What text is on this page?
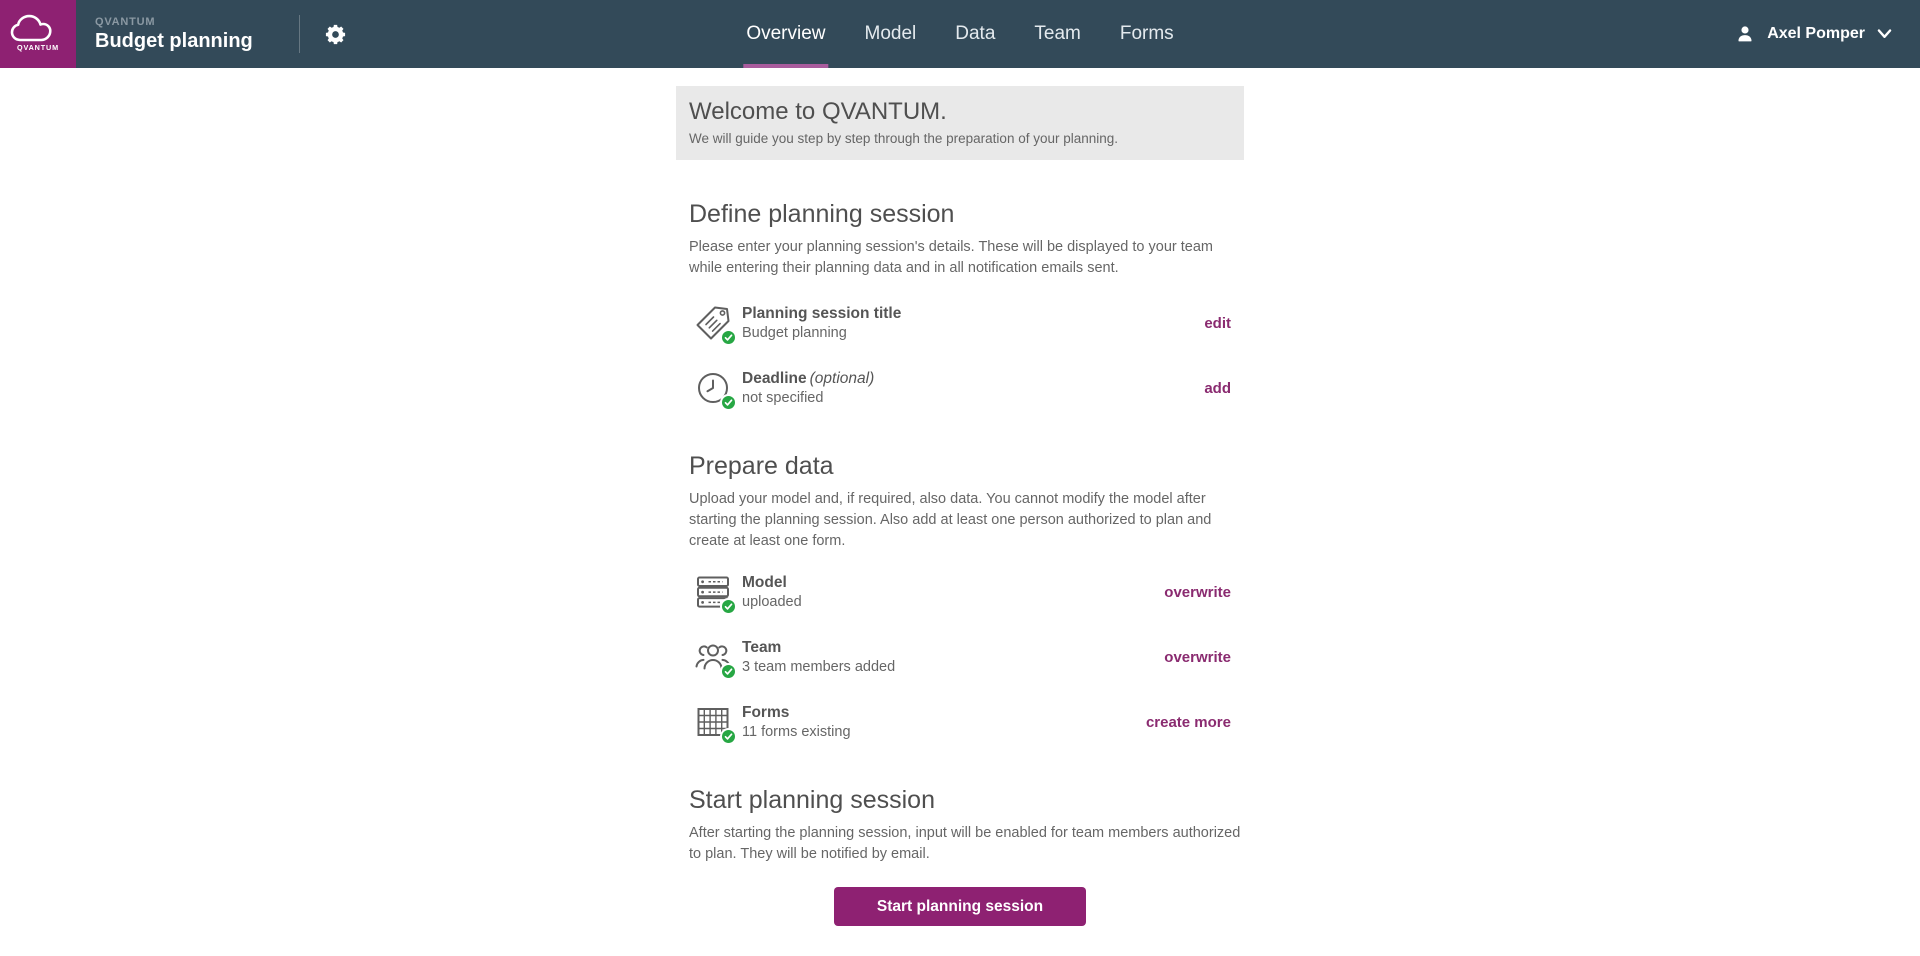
QVANTUM
QVANTUM
Budget planning	Overview Model Data Team Forms	Axel Pomper
Welcome to QVANTUM.

We will guide you step by step through the preparation of your planning.

Define planning session

Please enter your planning session's details. These will be displayed to your team while entering their planning data and in all notification emails sent.

Planning session title
Budget planning
edit
Deadline (optional)
not specified
add
Prepare data

Upload your model and, if required, also data. You cannot modify the model after starting the planning session. Also add at least one person authorized to plan and create at least one form.

Model
uploaded
overwrite
Team
3 team members added
overwrite
Forms
11 forms existing
create more
Start planning session

After starting the planning session, input will be enabled for team members authorized to plan. They will be notified by email.

Start planning session
